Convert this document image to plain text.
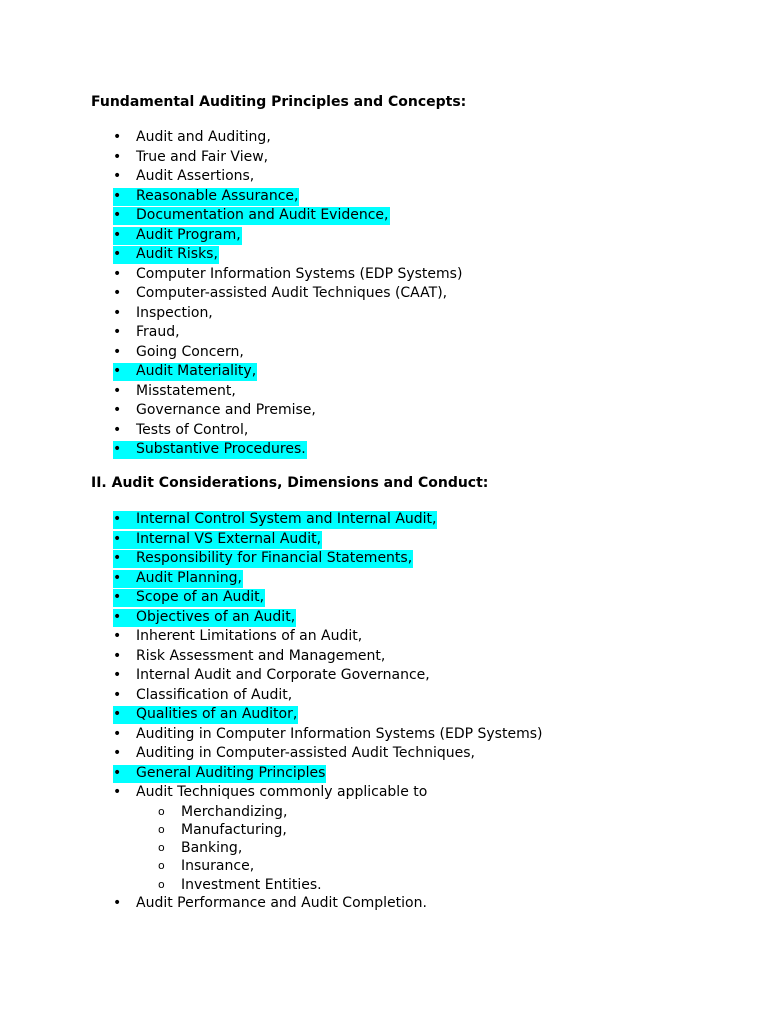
Fundamental Auditing Principles and Concepts:

• Audit and Auditing,
• True and Fair View,
• Audit Assertions,
• Reasonable Assurance,
• Documentation and Audit Evidence,
• Audit Program,
• Audit Risks,
• Computer Information Systems (EDP Systems)
• Computer-assisted Audit Techniques (CAAT),
• Inspection,
• Fraud,
• Going Concern,
• Audit Materiality,
• Misstatement,
• Governance and Premise,
• Tests of Control,
• Substantive Procedures.

II. Audit Considerations, Dimensions and Conduct:

• Internal Control System and Internal Audit,
• Internal VS External Audit,
• Responsibility for Financial Statements,
• Audit Planning,
• Scope of an Audit,
• Objectives of an Audit,
• Inherent Limitations of an Audit,
• Risk Assessment and Management,
• Internal Audit and Corporate Governance,
• Classification of Audit,
• Qualities of an Auditor,
• Auditing in Computer Information Systems (EDP Systems)
• Auditing in Computer-assisted Audit Techniques,
• General Auditing Principles
• Audit Techniques commonly applicable to
o Merchandizing,
o Manufacturing,
o Banking,
o Insurance,
o Investment Entities.
• Audit Performance and Audit Completion.
